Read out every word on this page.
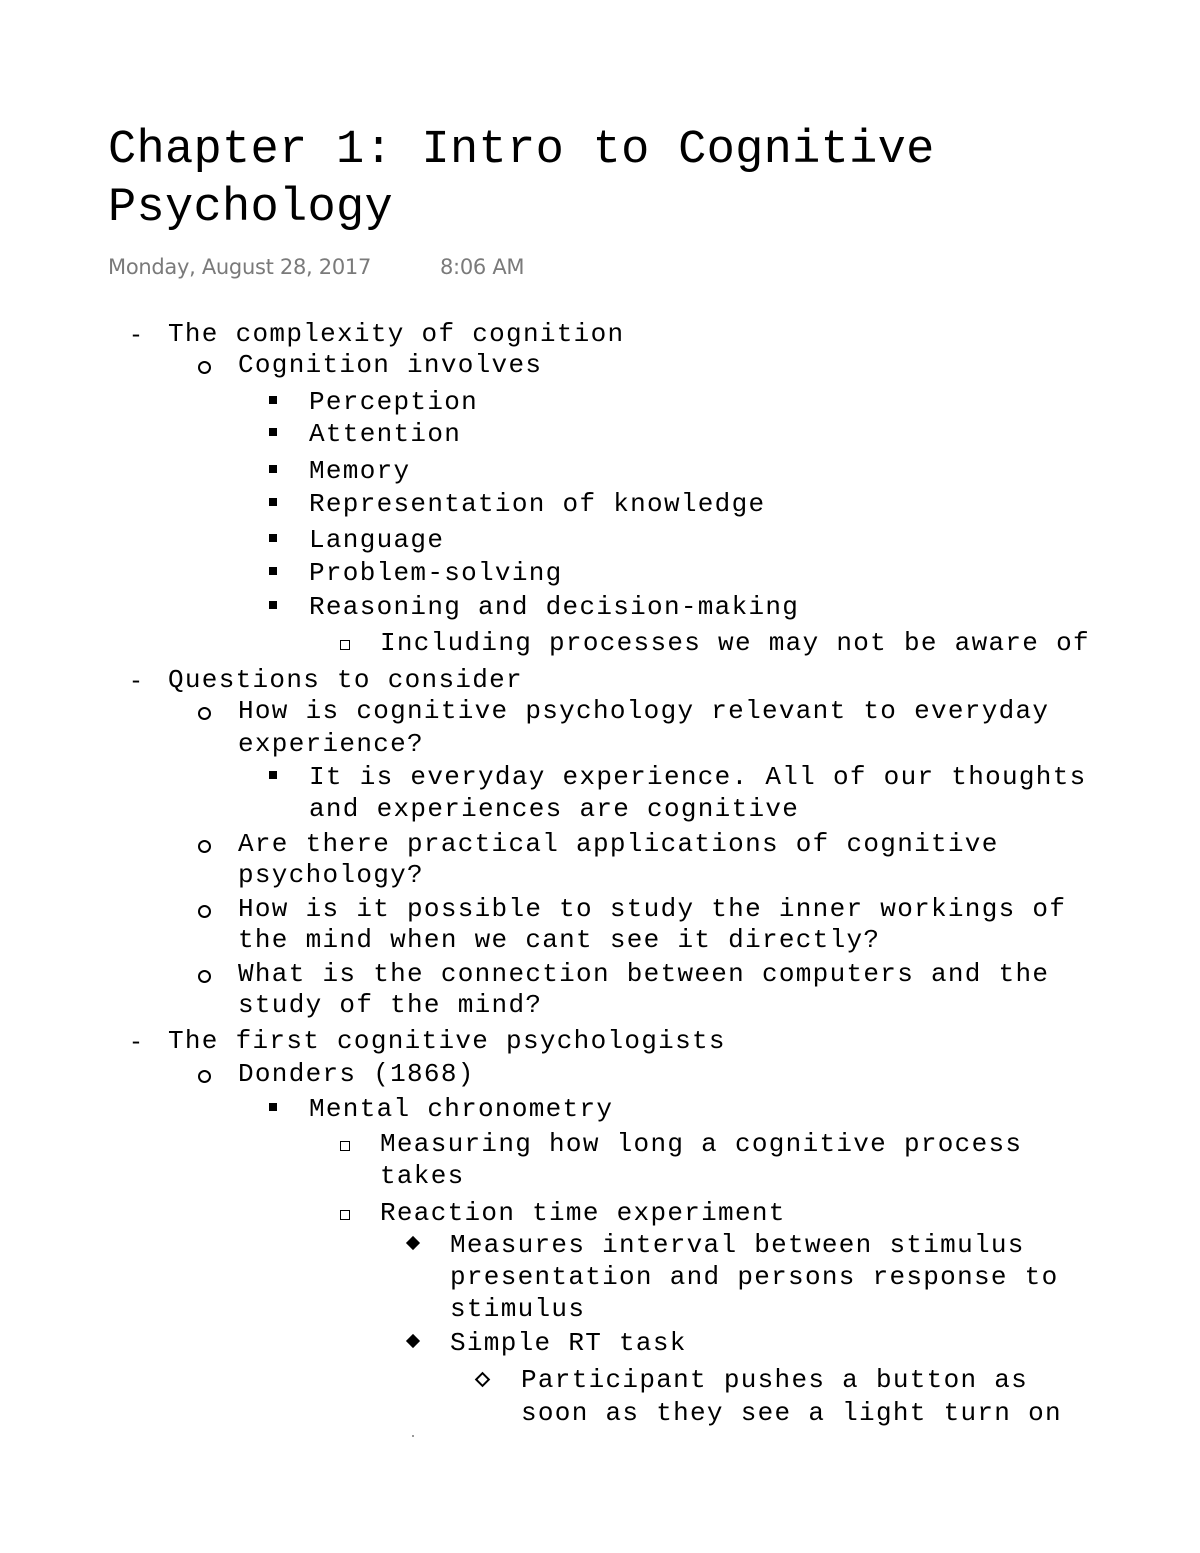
Chapter 1: Intro to Cognitive Psychology
Monday, August 28, 2017	8:06 AM
- The complexity of cognition
Cognition involves
Perception
Attention
Memory
Representation of knowledge
Language
Problem-solving
Reasoning and decision-making
Including processes we may not be aware of
- Questions to consider
How is cognitive psychology relevant to everyday
experience?
It is everyday experience. All of our thoughts
and experiences are cognitive
Are there practical applications of cognitive
psychology?
How is it possible to study the inner workings of
the mind when we cant see it directly?
What is the connection between computers and the
study of the mind?
- The first cognitive psychologists
Donders (1868)
Mental chronometry
Measuring how long a cognitive process
takes
Reaction time experiment
Measures interval between stimulus
presentation and persons response to
stimulus
Simple RT task
Participant pushes a button as
soon as they see a light turn on
